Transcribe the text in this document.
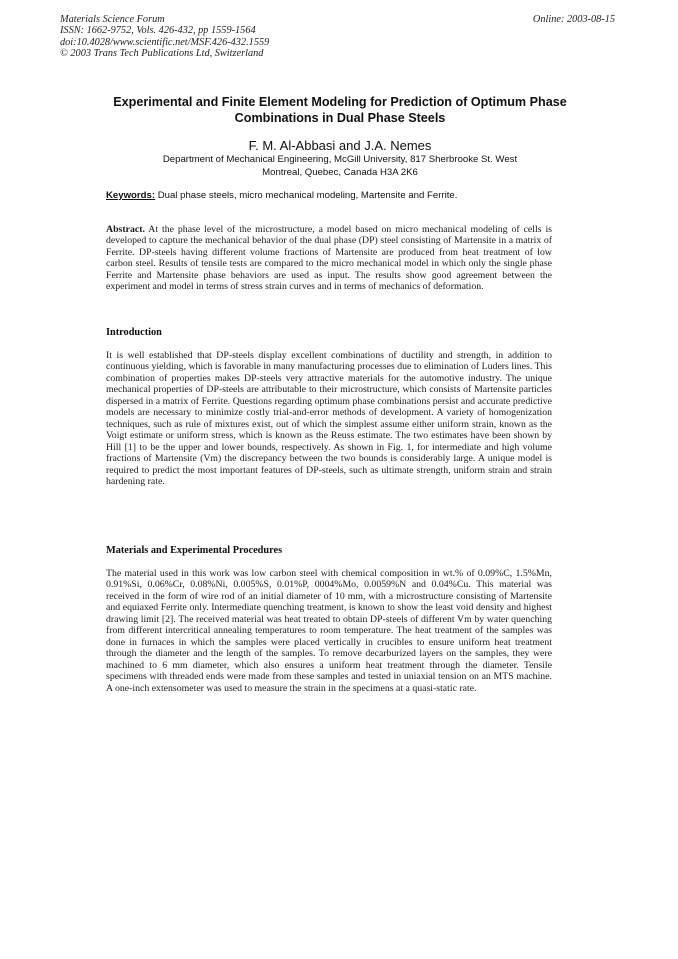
Materials Science Forum
ISSN: 1662-9752, Vols. 426-432, pp 1559-1564
doi:10.4028/www.scientific.net/MSF.426-432.1559
© 2003 Trans Tech Publications Ltd, Switzerland
Online: 2003-08-15
Experimental and Finite Element Modeling for Prediction of Optimum Phase Combinations in Dual Phase Steels
F. M. Al-Abbasi and J.A. Nemes
Department of Mechanical Engineering, McGill University, 817 Sherbrooke St. West
Montreal, Quebec, Canada H3A 2K6
Keywords: Dual phase steels, micro mechanical modeling, Martensite and Ferrite.
Abstract. At the phase level of the microstructure, a model based on micro mechanical modeling of cells is developed to capture the mechanical behavior of the dual phase (DP) steel consisting of Martensite in a matrix of Ferrite. DP-steels having different volume fractions of Martensite are produced from heat treatment of low carbon steel. Results of tensile tests are compared to the micro mechanical model in which only the single phase Ferrite and Martensite phase behaviors are used as input. The results show good agreement between the experiment and model in terms of stress strain curves and in terms of mechanics of deformation.
Introduction
It is well established that DP-steels display excellent combinations of ductility and strength, in addition to continuous yielding, which is favorable in many manufacturing processes due to elimination of Luders lines. This combination of properties makes DP-steels very attractive materials for the automotive industry. The unique mechanical properties of DP-steels are attributable to their microstructure, which consists of Martensite particles dispersed in a matrix of Ferrite. Questions regarding optimum phase combinations persist and accurate predictive models are necessary to minimize costly trial-and-error methods of development. A variety of homogenization techniques, such as rule of mixtures exist, out of which the simplest assume either uniform strain, known as the Voigt estimate or uniform stress, which is known as the Reuss estimate. The two estimates have been shown by Hill [1] to be the upper and lower bounds, respectively. As shown in Fig. 1, for intermediate and high volume fractions of Martensite (Vm) the discrepancy between the two bounds is considerably large. A unique model is required to predict the most important features of DP-steels, such as ultimate strength, uniform strain and strain hardening rate.
Materials and Experimental Procedures
The material used in this work was low carbon steel with chemical composition in wt.% of 0.09%C, 1.5%Mn, 0.91%Si, 0.06%Cr, 0.08%Ni, 0.005%S, 0.01%P, 0004%Mo, 0.0059%N and 0.04%Cu. This material was received in the form of wire rod of an initial diameter of 10 mm, with a microstructure consisting of Martensite and equiaxed Ferrite only. Intermediate quenching treatment, is known to show the least void density and highest drawing limit [2]. The received material was heat treated to obtain DP-steels of different Vm by water quenching from different intercritical annealing temperatures to room temperature. The heat treatment of the samples was done in furnaces in which the samples were placed vertically in crucibles to ensure uniform heat treatment through the diameter and the length of the samples. To remove decarburized layers on the samples, they were machined to 6 mm diameter, which also ensures a uniform heat treatment through the diameter. Tensile specimens with threaded ends were made from these samples and tested in uniaxial tension on an MTS machine. A one-inch extensometer was used to measure the strain in the specimens at a quasi-static rate.
